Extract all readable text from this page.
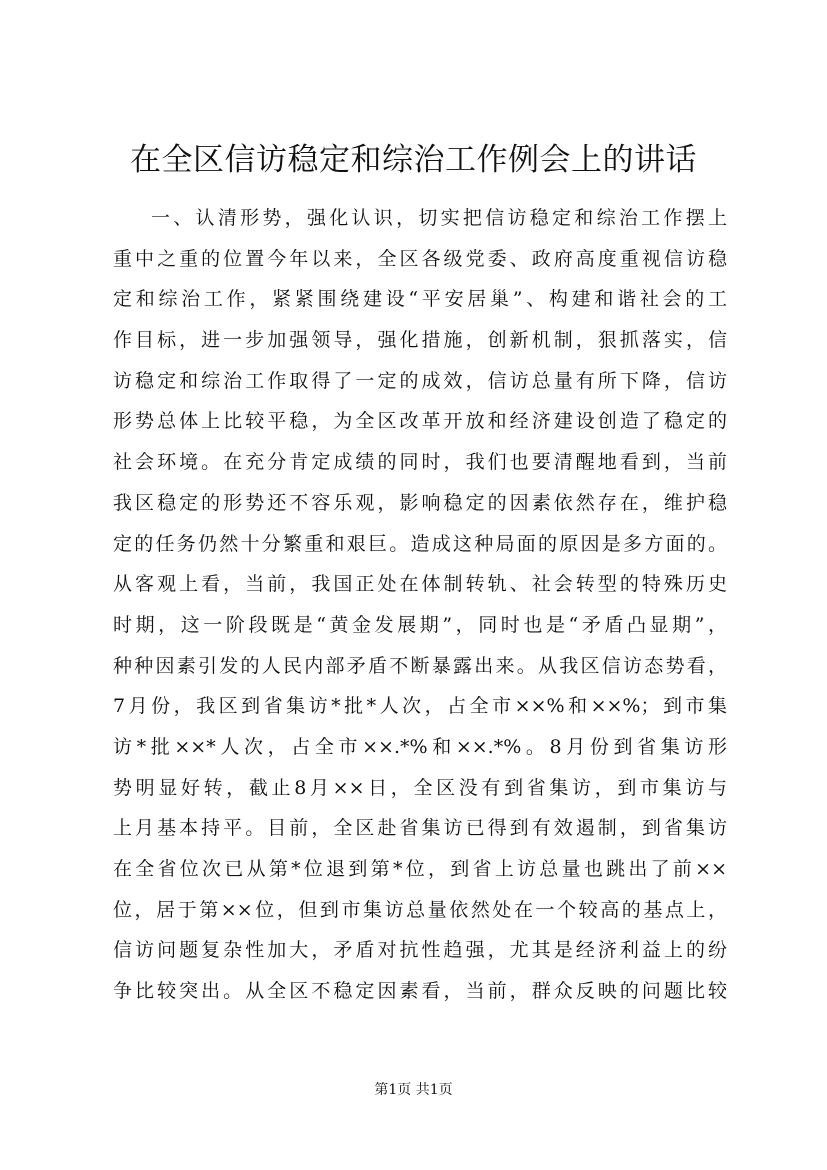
在全区信访稳定和综治工作例会上的讲话
一、认清形势，强化认识，切实把信访稳定和综治工作摆上
重中之重的位置今年以来，全区各级党委、政府高度重视信访稳
定和综治工作，紧紧围绕建设“平安居巢”、构建和谐社会的工
作目标，进一步加强领导，强化措施，创新机制，狠抓落实，信
访稳定和综治工作取得了一定的成效，信访总量有所下降，信访
形势总体上比较平稳，为全区改革开放和经济建设创造了稳定的
社会环境。在充分肯定成绩的同时，我们也要清醒地看到，当前
我区稳定的形势还不容乐观，影响稳定的因素依然存在，维护稳
定的任务仍然十分繁重和艰巨。造成这种局面的原因是多方面的。
从客观上看，当前，我国正处在体制转轨、社会转型的特殊历史
时期，这一阶段既是“黄金发展期”，同时也是“矛盾凸显期”，
种种因素引发的人民内部矛盾不断暴露出来。从我区信访态势看，
7月份，我区到省集访*批*人次，占全市××%和××%；到市集
访*批××*人次，占全市××.*%和××.*%。8月份到省集访形
势明显好转，截止8月××日，全区没有到省集访，到市集访与
上月基本持平。目前，全区赴省集访已得到有效遏制，到省集访
在全省位次已从第*位退到第*位，到省上访总量也跳出了前××
位，居于第××位，但到市集访总量依然处在一个较高的基点上，
信访问题复杂性加大，矛盾对抗性趋强，尤其是经济利益上的纷
争比较突出。从全区不稳定因素看，当前，群众反映的问题比较
第1页 共1页
